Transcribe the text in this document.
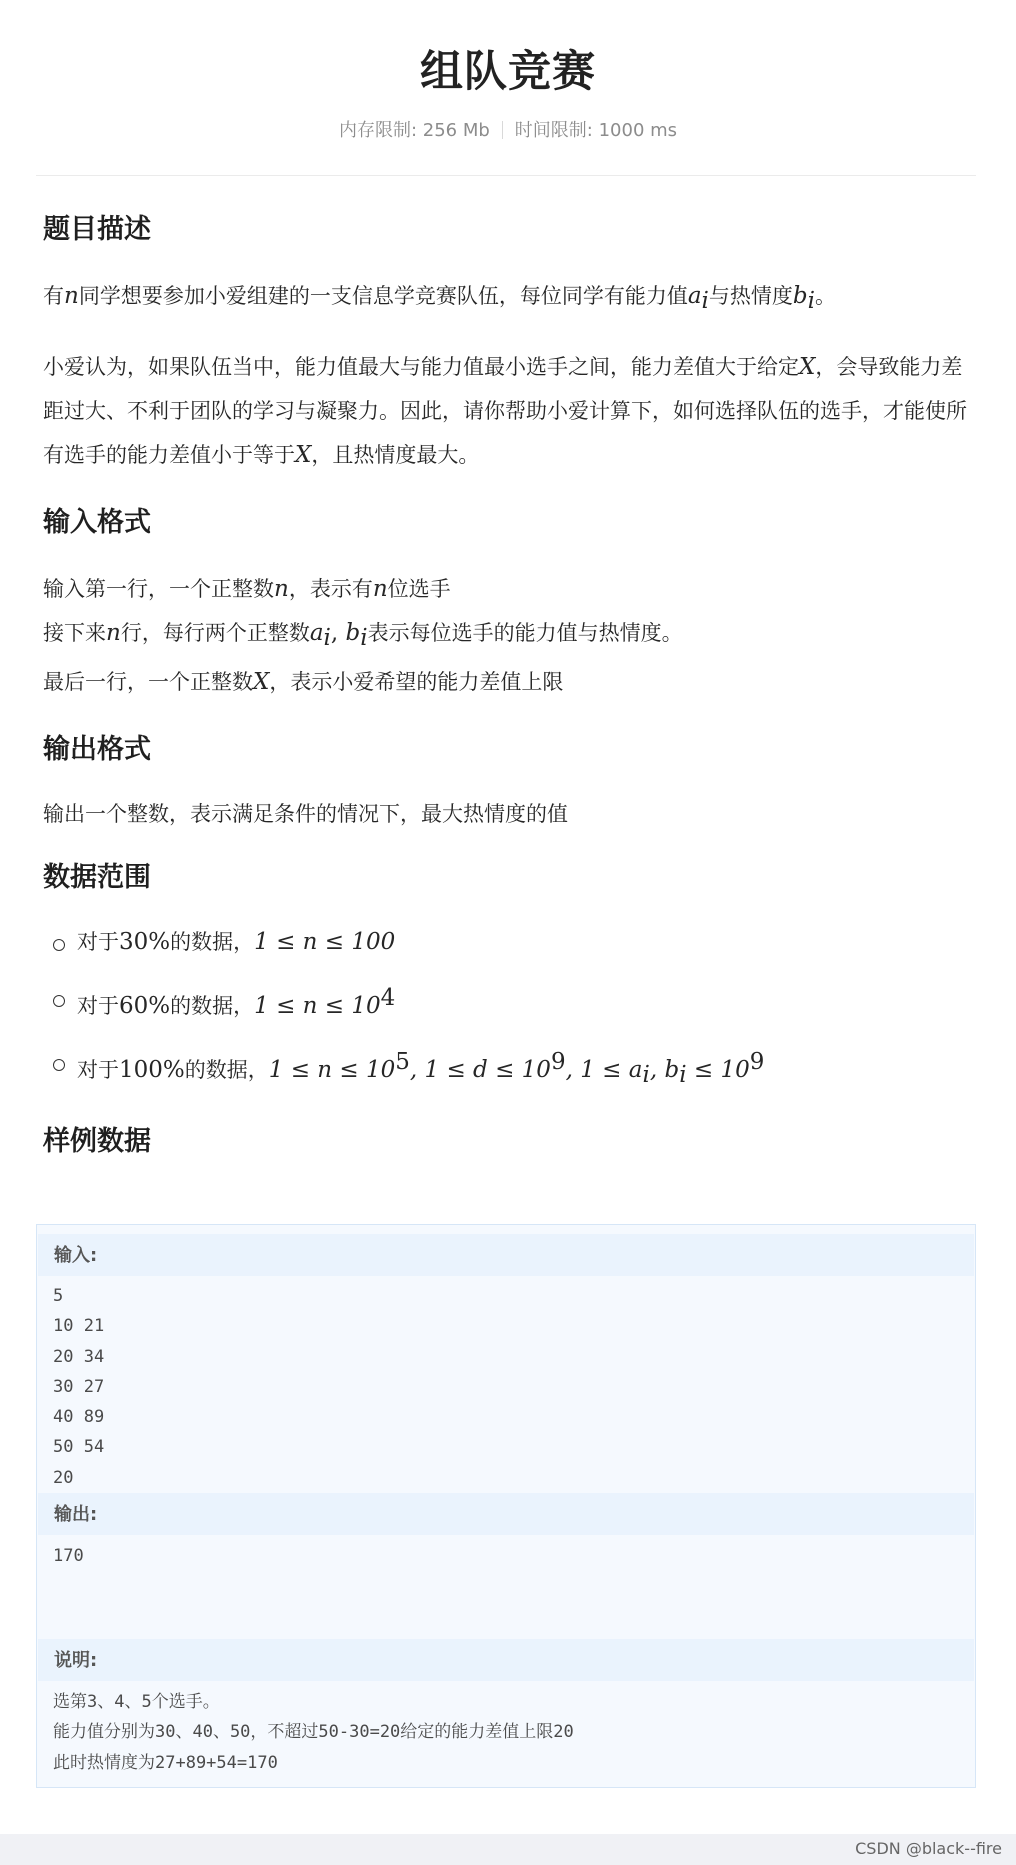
组队竞赛
内存限制: 256 Mb 时间限制: 1000 ms
题目描述

有n同学想要参加小爱组建的一支信息学竞赛队伍，每位同学有能力值$a_i$与热情度$b_i$。

小爱认为，如果队伍当中，能力值最大与能力值最小选手之间，能力差值大于给定X，会导致能力差距过大、不利于团队的学习与凝聚力。因此，请你帮助小爱计算下，如何选择队伍的选手，才能使所有选手的能力差值小于等于X，且热情度最大。

输入格式

输入第一行，一个正整数n，表示有n位选手
接下来n行，每行两个正整数$a_i$, $b_i$表示每位选手的能力值与热情度。
最后一行，一个正整数X，表示小爱希望的能力差值上限

输出格式

输出一个整数，表示满足条件的情况下，最大热情度的值

数据范围
对于30%的数据，1 ≤ n ≤ 100
对于60%的数据，$1 \le n \le 10^4$
对于100%的数据，$1 \le n \le 10^5$, $1 \le d \le 10^9$, $1 \le a_i$, $b_i \le 10^9$
样例数据
输入:
5
10 21
20 34
30 27
40 89
50 54
20
输出:
170
说明:
选第3、4、5个选手。
能力值分别为30、40、50，不超过50-30=20给定的能力差值上限20
此时热情度为27+89+54=170
CSDN @black--fire
